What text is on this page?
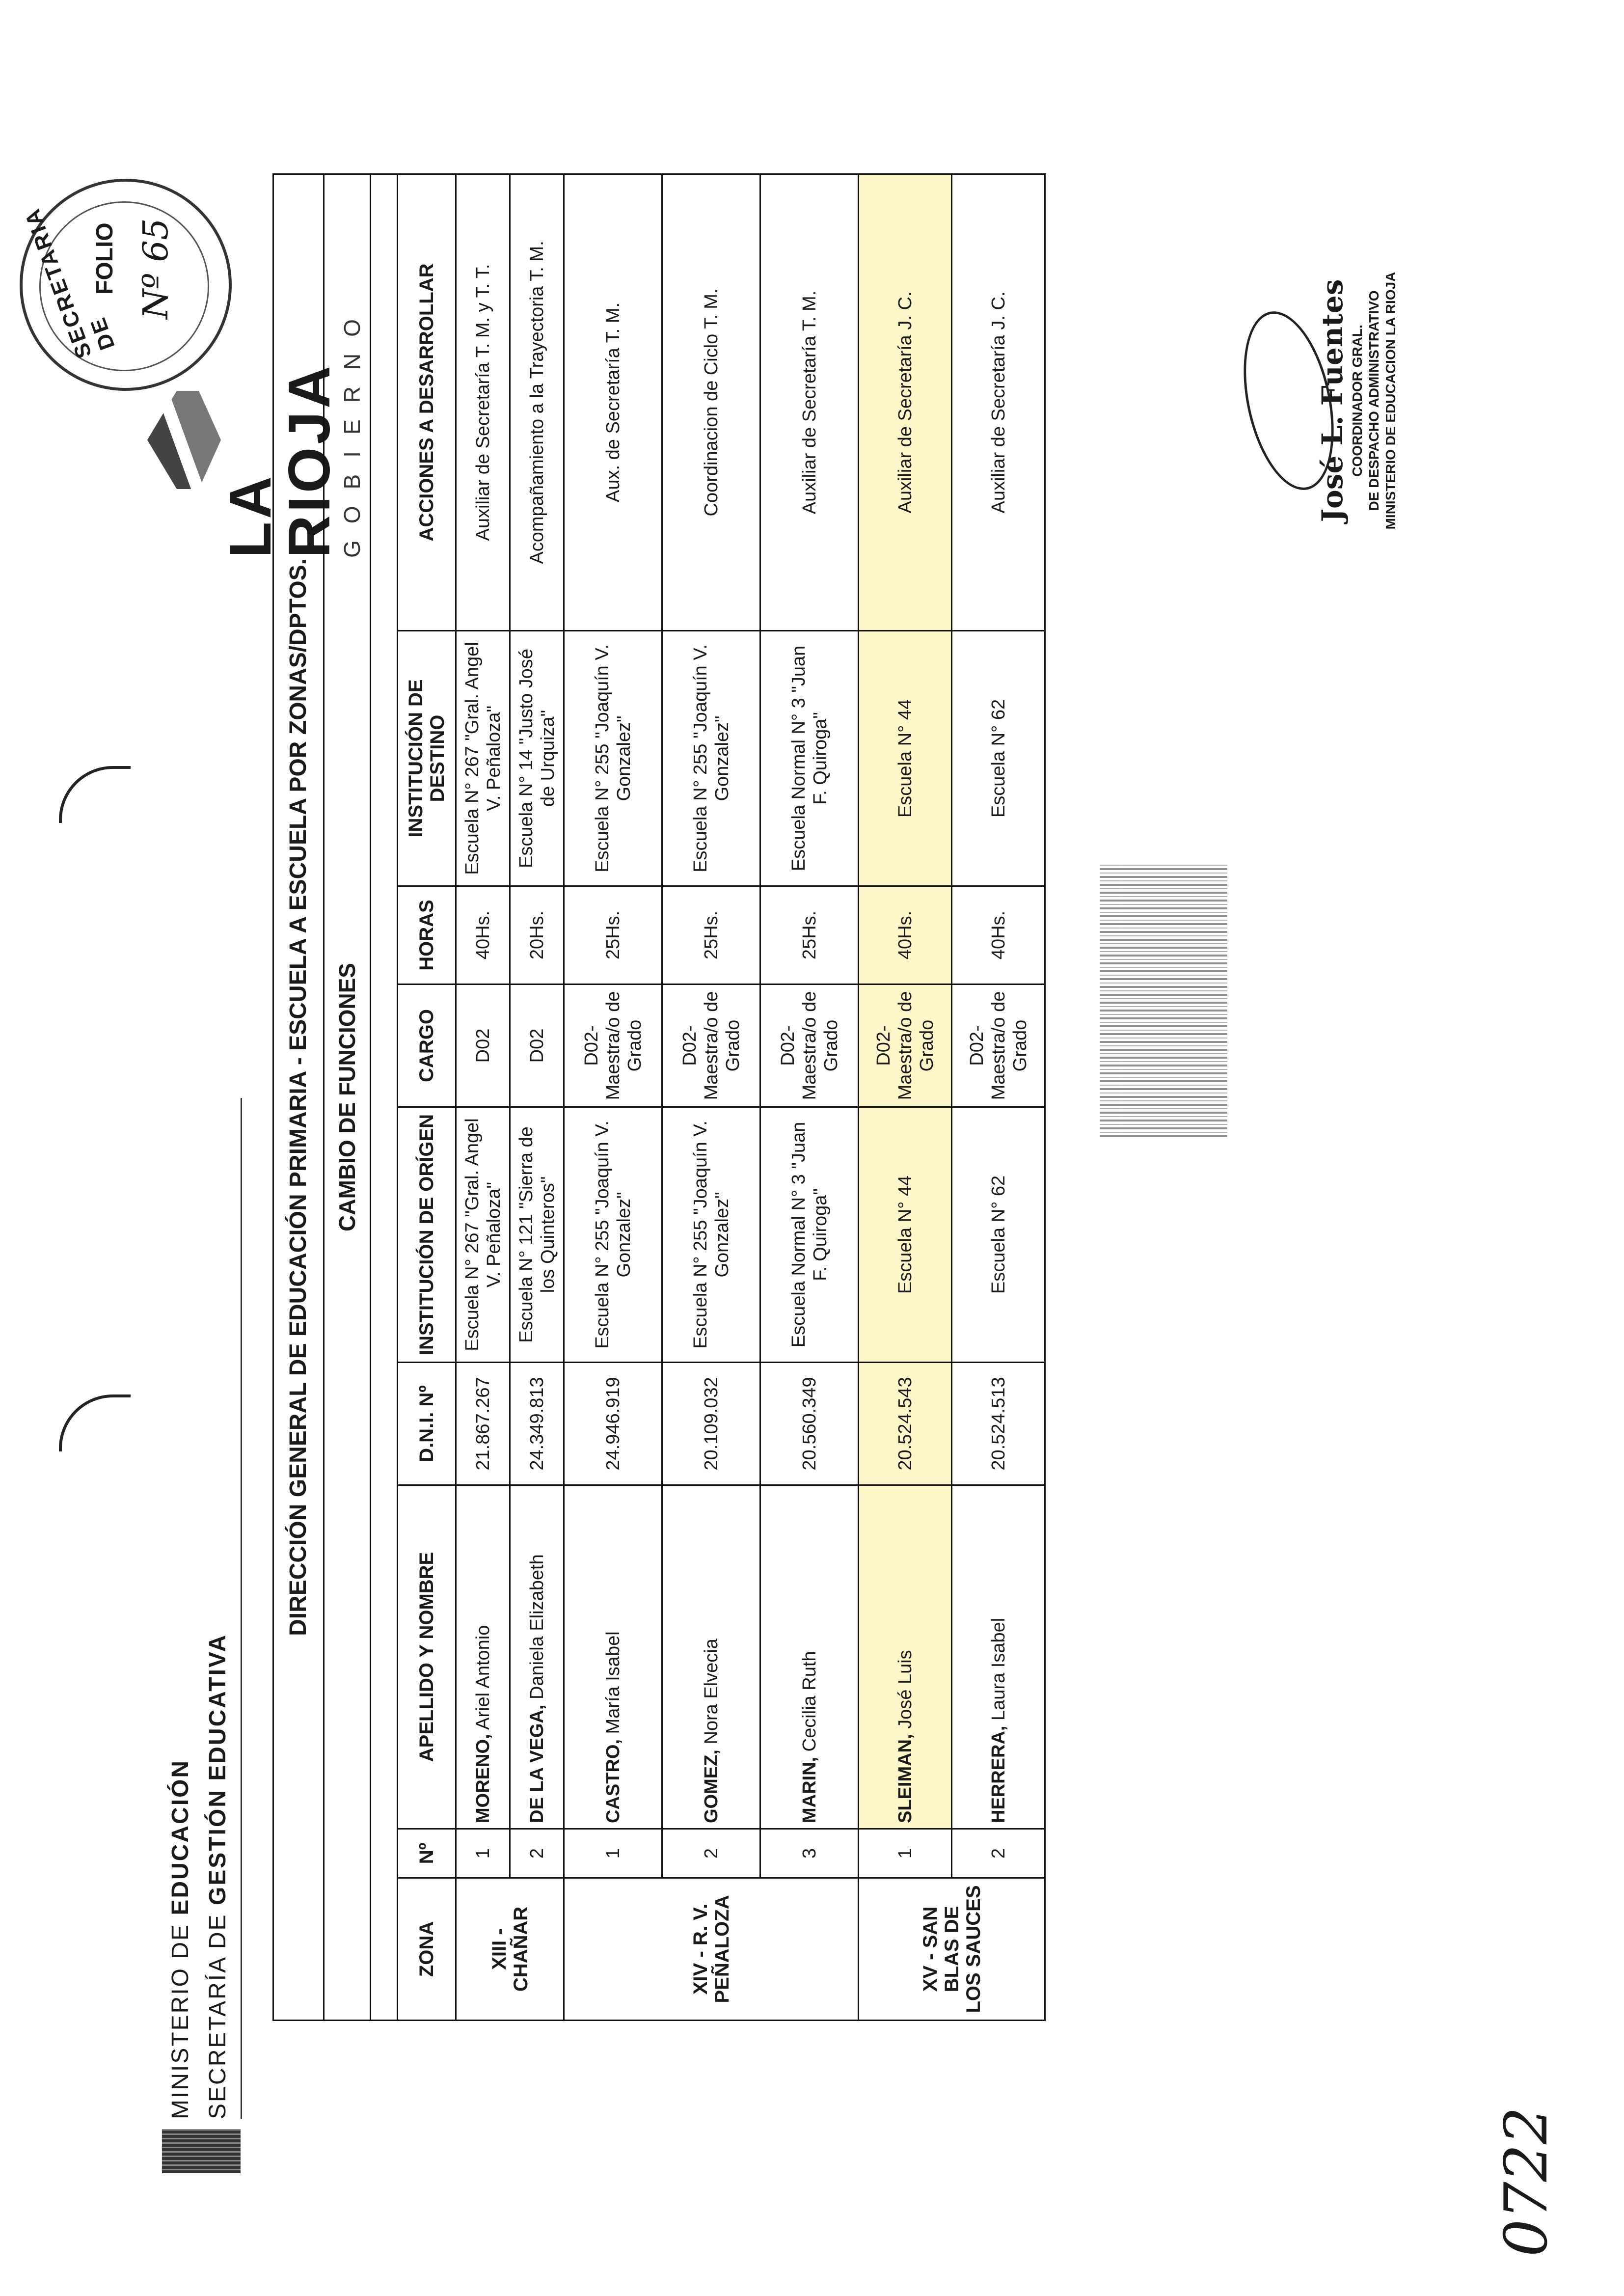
MINISTERIO DE EDUCACIÓN
SECRETARÍA DE GESTIÓN EDUCATIVA
LA RIOJA
GOBIERNO
SECRETARIA DE
FOLIO Nº 65
DIRECCIÓN GENERAL DE EDUCACIÓN PRIMARIA - ESCUELA A ESCUELA POR ZONAS/DPTOS.								
CAMBIO DE FUNCIONES								

ZONA	Nº	APELLIDO Y NOMBRE	D.N.I. Nº	INSTITUCIÓN DE ORÍGEN	CARGO	HORAS	INSTITUCIÓN DE DESTINO	ACCIONES A DESARROLLAR
XIII - CHAÑAR	1	MORENO, Ariel Antonio	21.867.267	Escuela N° 267 "Gral. Angel V. Peñaloza"	D02	40Hs.	Escuela N° 267 "Gral. Angel V. Peñaloza"	Auxiliar de Secretaría T. M. y T. T.
	2	DE LA VEGA, Daniela Elizabeth	24.349.813	Escuela N° 121 "Sierra de los Quinteros"	D02	20Hs.	Escuela N° 14 "Justo José de Urquiza"	Acompañamiento a la Trayectoria T. M.
XIV - R. V. PEÑALOZA	1	CASTRO, María Isabel	24.946.919	Escuela N° 255 "Joaquín V. Gonzalez"	D02- Maestra/o de Grado	25Hs.	Escuela N° 255 "Joaquín V. Gonzalez"	Aux. de Secretaría T. M.
	2	GOMEZ, Nora Elvecia	20.109.032	Escuela N° 255 "Joaquín V. Gonzalez"	D02- Maestra/o de Grado	25Hs.	Escuela N° 255 "Joaquín V. Gonzalez"	Coordinacion de Ciclo T. M.
	3	MARIN, Cecilia Ruth	20.560.349	Escuela Normal N° 3 "Juan F. Quiroga"	D02- Maestra/o de Grado	25Hs.	Escuela Normal N° 3 "Juan F. Quiroga"	Auxiliar de Secretaría T. M.
XV - SAN BLAS DE LOS SAUCES	1	SLEIMAN, José Luis	20.524.543	Escuela N° 44	D02- Maestra/o de Grado	40Hs.	Escuela N° 44	Auxiliar de Secretaría J. C.
	2	HERRERA, Laura Isabel	20.524.513	Escuela N° 62	D02- Maestra/o de Grado	40Hs.	Escuela N° 62	Auxiliar de Secretaría J. C.	José L. Fuentes COORDINADOR GRAL. DE DESPACHO ADMINISTRATIVO MINISTERIO DE EDUCACION LA RIOJA
0722
